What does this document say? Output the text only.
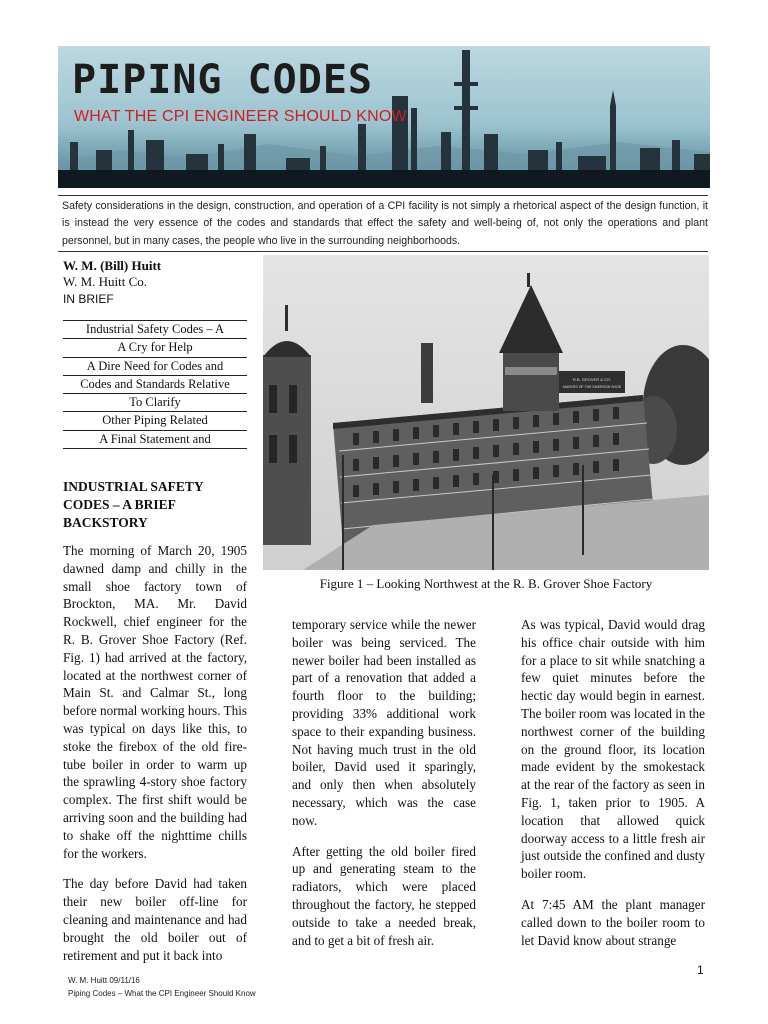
PIPING CODES
WHAT THE CPI ENGINEER SHOULD KNOW
Safety considerations in the design, construction, and operation of a CPI facility is not simply a rhetorical aspect of the design function, it is instead the very essence of the codes and standards that effect the safety and well-being of, not only the operations and plant personnel, but in many cases, the people who live in the surrounding neighborhoods.
W. M. (Bill) Huitt
W. M. Huitt Co.
IN BRIEF
Industrial Safety Codes – A
A Cry for Help
A Dire Need for Codes and
Codes and Standards Relative
To Clarify
Other Piping Related
A Final Statement and
INDUSTRIAL SAFETY CODES – A BRIEF BACKSTORY

The morning of March 20, 1905 dawned damp and chilly in the small shoe factory town of Brockton, MA. Mr. David Rockwell, chief engineer for the R. B. Grover Shoe Factory (Ref. Fig. 1) had arrived at the factory, located at the northwest corner of Main St. and Calmar St., long before normal working hours. This was typical on days like this, to stoke the firebox of the old fire-tube boiler in order to warm up the sprawling 4-story shoe factory complex. The first shift would be arriving soon and the building had to shake off the nighttime chills for the workers.

The day before David had taken their new boiler off-line for cleaning and maintenance and had brought the old boiler out of retirement and put it back into

temporary service while the newer boiler was being serviced. The newer boiler had been installed as part of a renovation that added a fourth floor to the building; providing 33% additional work space to their expanding business. Not having much trust in the old boiler, David used it sparingly, and only then when absolutely necessary, which was the case now.

After getting the old boiler fired up and generating steam to the radiators, which were placed throughout the factory, he stepped outside to take a needed break, and to get a bit of fresh air.

As was typical, David would drag his office chair outside with him for a place to sit while snatching a few quiet minutes before the hectic day would begin in earnest. The boiler room was located in the northwest corner of the building on the ground floor, its location made evident by the smokestack at the rear of the factory as seen in Fig. 1, taken prior to 1905. A location that allowed quick doorway access to a little fresh air just outside the confined and dusty boiler room.

At 7:45 AM the plant manager called down to the boiler room to let David know about strange

R.B. GROVER & CO.
MAKERS OF THE EMERSON SHOE
Figure 1 – Looking Northwest at the R. B. Grover Shoe Factory
W. M. Huitt 09/11/16
Piping Codes – What the CPI Engineer Should Know
1
